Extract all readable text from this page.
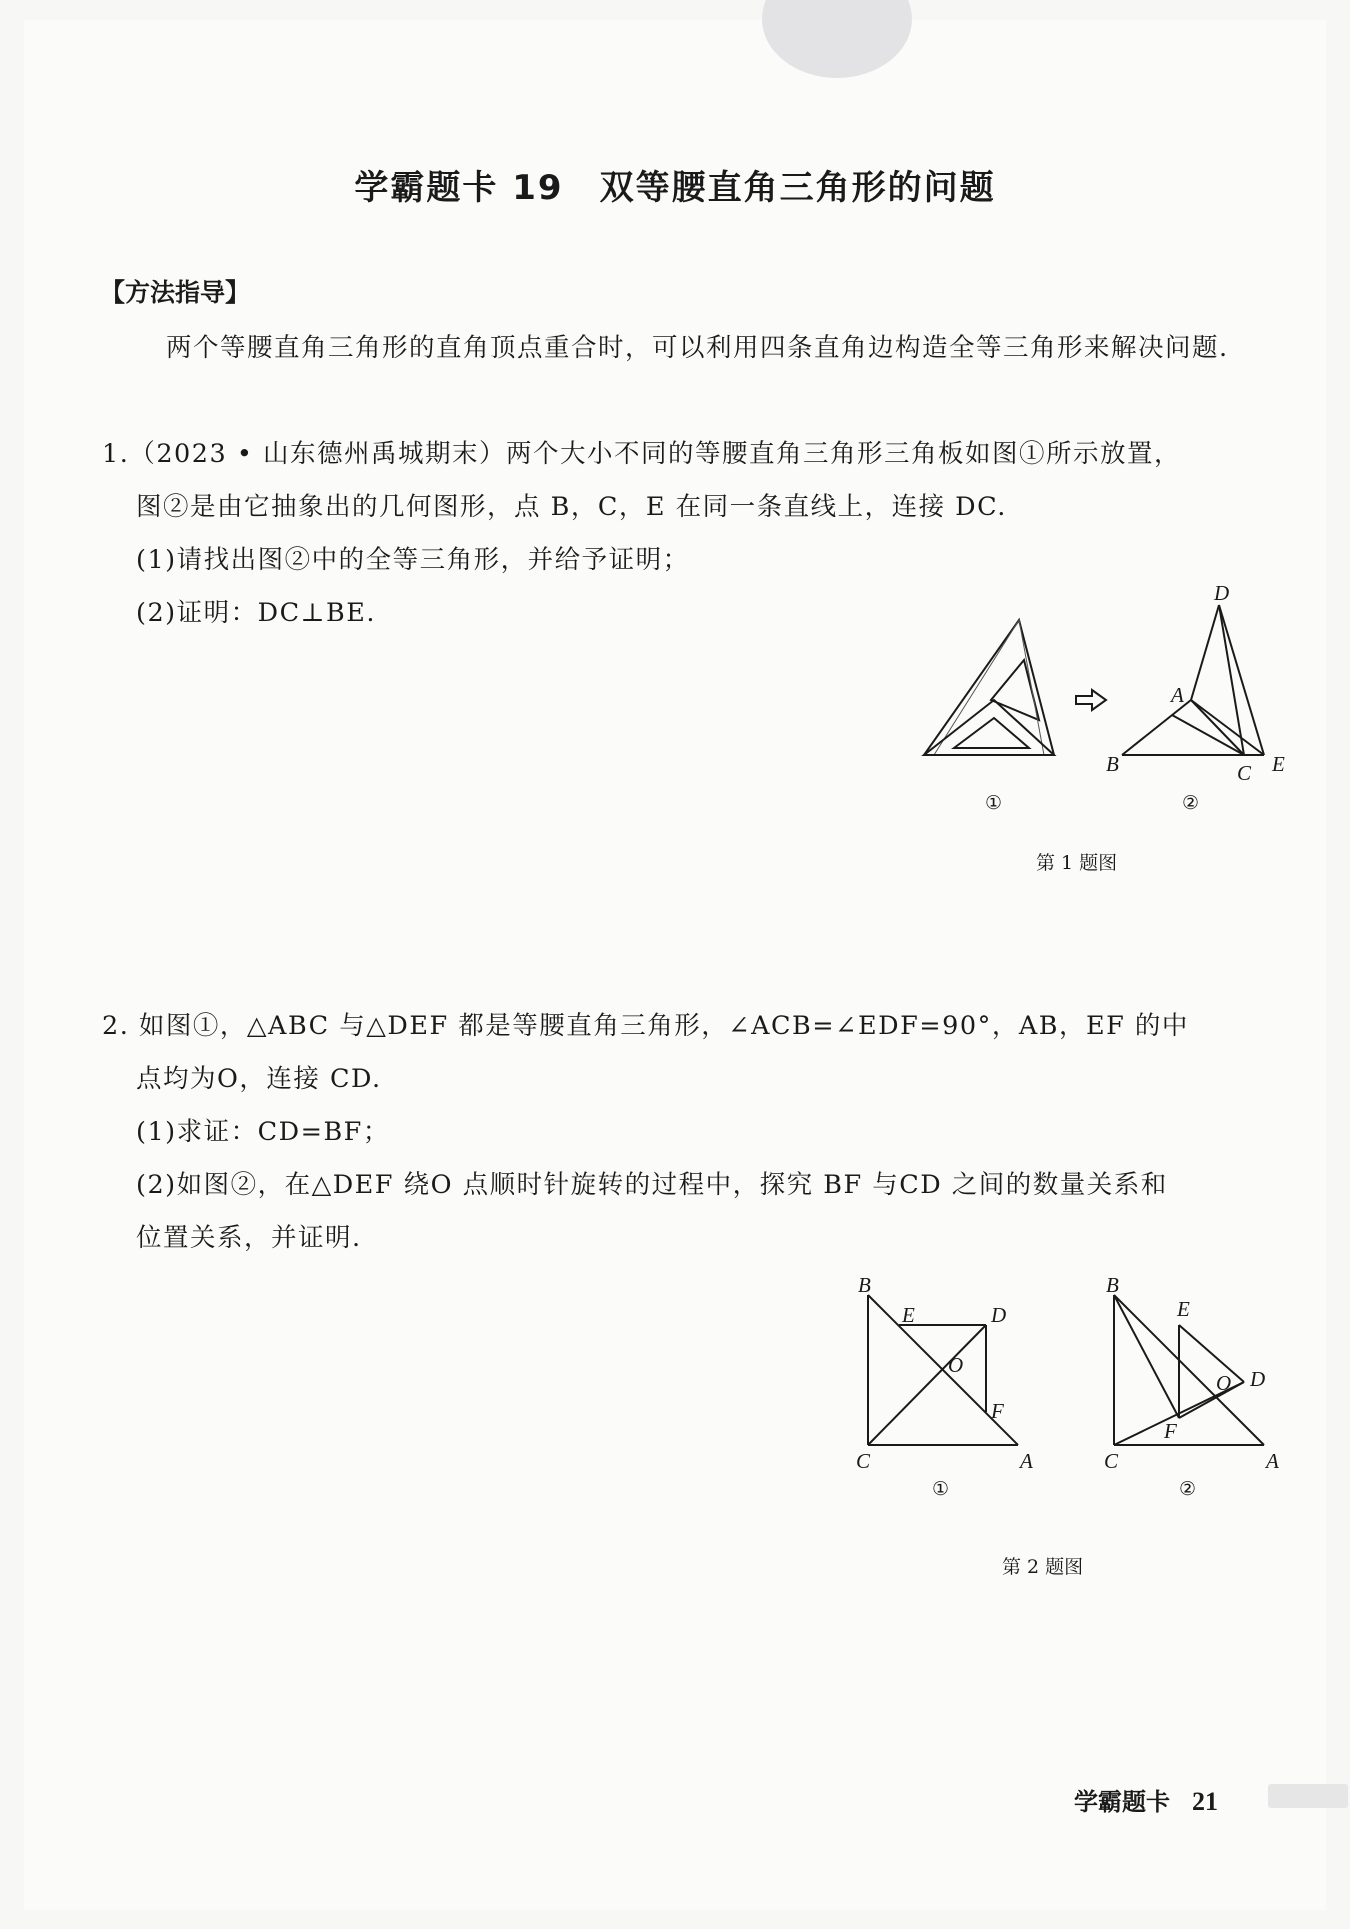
学霸题卡 19 双等腰直角三角形的问题
【方法指导】
两个等腰直角三角形的直角顶点重合时，可以利用四条直角边构造全等三角形来解决问题.
1.（2023 • 山东德州禹城期末）两个大小不同的等腰直角三角形三角板如图①所示放置，
图②是由它抽象出的几何图形，点 B，C，E 在同一条直线上，连接 DC.
(1)请找出图②中的全等三角形，并给予证明；
(2)证明：DC⊥BE.
D
A
B	C E
①	②
第 1 题图
2. 如图①，△ABC 与△DEF 都是等腰直角三角形，∠ACB=∠EDF=90°，AB，EF 的中
点均为O，连接 CD.
(1)求证：CD=BF；
(2)如图②，在△DEF 绕O 点顺时针旋转的过程中，探究 BF 与CD 之间的数量关系和
位置关系，并证明.
B
E	D
O
F
C	A
①
B
E
O D
F
C	A
②
第 2 题图
学霸题卡 21
